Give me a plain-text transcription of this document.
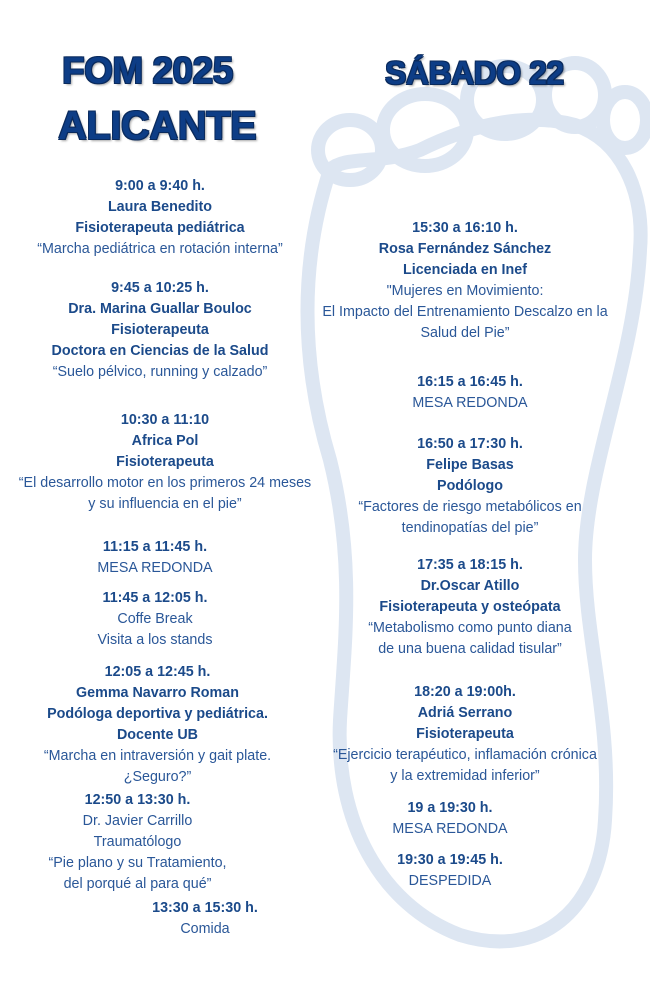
FOM 2025
ALICANTE
SÁBADO 22
9:00 a 9:40 h.
Laura Benedito
Fisioterapeuta pediátrica
“Marcha pediátrica en rotación interna”
9:45 a 10:25 h.
Dra. Marina Guallar Bouloc
Fisioterapeuta
Doctora en Ciencias de la Salud
“Suelo pélvico, running y calzado”
10:30 a 11:10
Africa Pol
Fisioterapeuta
“El desarrollo motor en los primeros 24 meses
y su influencia en el pie”
11:15 a 11:45 h.
MESA REDONDA
11:45 a 12:05 h.
Coffe Break
Visita a los stands
12:05 a 12:45 h.
Gemma Navarro Roman
Podóloga deportiva y pediátrica.
Docente UB
“Marcha en intraversión y gait plate.
¿Seguro?”
12:50 a 13:30 h.
Dr. Javier Carrillo
Traumatólogo
“Pie plano y su Tratamiento,
del porqué al para qué”
13:30 a 15:30 h.
Comida
15:30 a 16:10 h.
Rosa Fernández Sánchez
Licenciada en Inef
"Mujeres en Movimiento:
El Impacto del Entrenamiento Descalzo en la
Salud del Pie”
16:15 a 16:45 h.
MESA REDONDA
16:50 a 17:30 h.
Felipe Basas
Podólogo
“Factores de riesgo metabólicos en
tendinopatías del pie”
17:35 a 18:15 h.
Dr.Oscar Atillo
Fisioterapeuta y osteópata
“Metabolismo como punto diana
de una buena calidad tisular”
18:20 a 19:00h.
Adriá Serrano
Fisioterapeuta
“Ejercicio terapéutico, inflamación crónica
y la extremidad inferior”
19 a 19:30 h.
MESA REDONDA
19:30 a 19:45 h.
DESPEDIDA
